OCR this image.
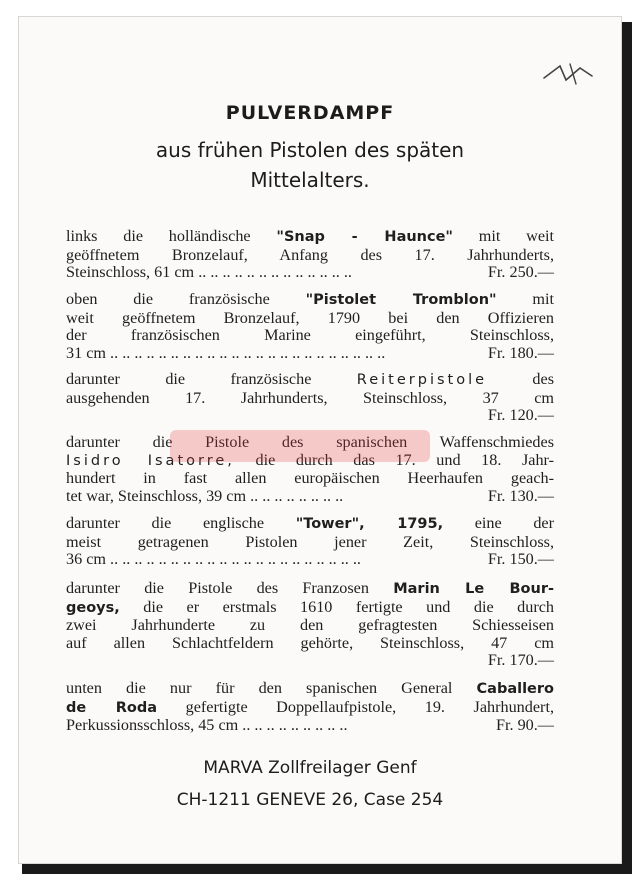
PULVERDAMPF
aus frühen Pistolen des späten
Mittelalters.
links die holländische "Snap - Haunce" mit weit
geöffnetem Bronzelauf, Anfang des 17. Jahrhunderts,
Steinschloss, 61 cm .. .. .. .. .. .. .. .. .. .. .. .. ..	Fr. 250.—
oben die französische "Pistolet Tromblon" mit
weit geöffnetem Bronzelauf, 1790 bei den Offizieren
der französischen Marine eingeführt, Steinschloss,
31 cm .. .. .. .. .. .. .. .. .. .. .. .. .. .. .. .. .. .. .. .. .. .. ..	Fr. 180.—
darunter die französische Reiterpistole des
ausgehenden 17. Jahrhunderts, Steinschloss, 37 cm
Fr. 120.—
darunter die Pistole des spanischen Waffenschmiedes
Isidro Isatorre, die durch das 17. und 18. Jahr-
hundert in fast allen europäischen Heerhaufen geach-
tet war, Steinschloss, 39 cm .. .. .. .. .. .. .. ..	Fr. 130.—
darunter die englische "Tower", 1795, eine der
meist getragenen Pistolen jener Zeit, Steinschloss,
36 cm .. .. .. .. .. .. .. .. .. .. .. .. .. .. .. .. .. .. .. .. ..	Fr. 150.—
darunter die Pistole des Franzosen Marin Le Bour-
geoys, die er erstmals 1610 fertigte und die durch
zwei Jahrhunderte zu den gefragtesten Schiesseisen
auf allen Schlachtfeldern gehörte, Steinschloss, 47 cm
Fr. 170.—
unten die nur für den spanischen General Caballero
de Roda gefertigte Doppellaufpistole, 19. Jahrhundert,
Perkussionsschloss, 45 cm .. .. .. .. .. .. .. .. ..	Fr. 90.—
MARVA Zollfreilager Genf
CH-1211 GENEVE 26, Case 254
